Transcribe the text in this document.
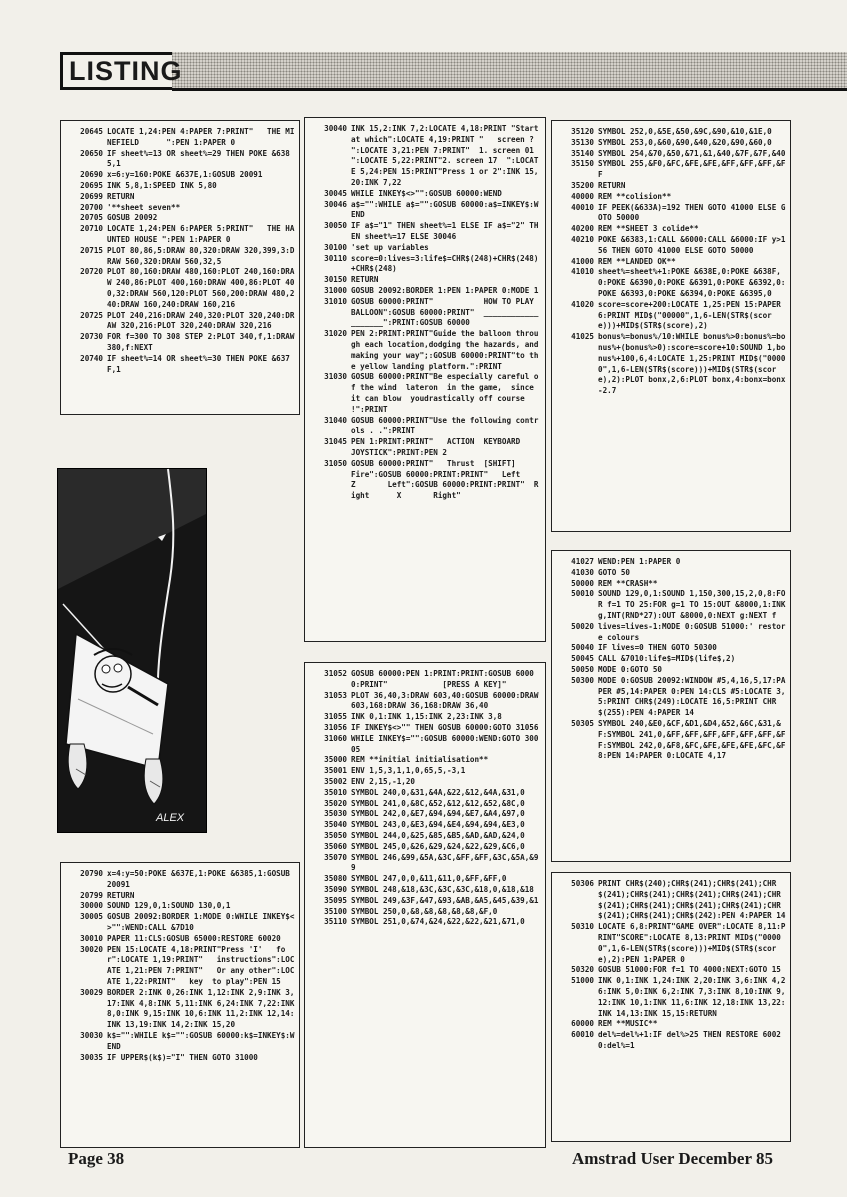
LISTING
20645 LOCATE 1,24:PEN 4:PAPER 7:PRINT"   THE MINEFIELD      ":PEN 1:PAPER 0
20650 IF sheet%=13 OR sheet%=29 THEN POKE &6385,1
20690 x=6:y=160:POKE &637E,1:GOSUB 20091
20695 INK 5,8,1:SPEED INK 5,80
20699 RETURN
20700 '**sheet seven**
20705 GOSUB 20092
20710 LOCATE 1,24:PEN 6:PAPER 5:PRINT"   THE HAUNTED HOUSE ":PEN 1:PAPER 0
20715 PLOT 80,86,5:DRAW 80,320:DRAW 320,399,3:DRAW 560,320:DRAW 560,32,5
20720 PLOT 80,160:DRAW 480,160:PLOT 240,160:DRAW 240,86:PLOT 400,160:DRAW 400,86:PLOT 400,32:DRAW 560,120:PLOT 560,200:DRAW 480,240:DRAW 160,240:DRAW 160,216
20725 PLOT 240,216:DRAW 240,320:PLOT 320,240:DRAW 320,216:PLOT 320,240:DRAW 320,216
20730 FOR f=300 TO 308 STEP 2:PLOT 340,f,1:DRAW 380,f:NEXT
20740 IF sheet%=14 OR sheet%=30 THEN POKE &637F,1
30040 INK 15,2:INK 7,2:LOCATE 4,18:PRINT "Start at which":LOCATE 4,19:PRINT "   screen ?   ":LOCATE 3,21:PEN 7:PRINT"  1. screen 01   ":LOCATE 5,22:PRINT"2. screen 17  ":LOCATE 5,24:PEN 15:PRINT"Press 1 or 2":INK 15,20:INK 7,22
30045 WHILE INKEY$<>"":GOSUB 60000:WEND
30046 a$="":WHILE a$="":GOSUB 60000:a$=INKEY$:WEND
30050 IF a$="1" THEN sheet%=1 ELSE IF a$="2" THEN sheet%=17 ELSE 30046
30100 'set up variables
30110 score=0:lives=3:life$=CHR$(248)+CHR$(248)+CHR$(248)
30150 RETURN
31000 GOSUB 20092:BORDER 1:PEN 1:PAPER 0:MODE 1
31010 GOSUB 60000:PRINT"           HOW TO PLAY BALLOON":GOSUB 60000:PRINT"  ___________________":PRINT:GOSUB 60000
31020 PEN 2:PRINT:PRINT"Guide the balloon through each location,dodging the hazards, and making your way";:GOSUB 60000:PRINT"to the yellow landing platform.":PRINT
31030 GOSUB 60000:PRINT"Be especially careful of the wind  lateron  in the game,  since it can blow  youdrastically off course !":PRINT
31040 GOSUB 60000:PRINT"Use the following controls . .":PRINT
31045 PEN 1:PRINT:PRINT"   ACTION  KEYBOARD     JOYSTICK":PRINT:PEN 2
31050 GOSUB 60000:PRINT"   Thrust  [SHIFT]       Fire":GOSUB 60000:PRINT:PRINT"   Left      Z       Left":GOSUB 60000:PRINT:PRINT"  Right      X       Right"
35120 SYMBOL 252,0,&5E,&50,&9C,&90,&10,&1E,0
35130 SYMBOL 253,0,&60,&90,&40,&20,&90,&60,0
35140 SYMBOL 254,&70,&50,&71,&1,&40,&7F,&7F,&40
35150 SYMBOL 255,&F0,&FC,&FE,&FE,&FF,&FF,&FF,&FF
35200 RETURN
40000 REM **colision**
40010 IF PEEK(&633A)=192 THEN GOTO 41000 ELSE GOTO 50000
40200 REM **SHEET 3 colide**
40210 POKE &6383,1:CALL &6000:CALL &6000:IF y>156 THEN GOTO 41000 ELSE GOTO 50000
41000 REM **LANDED OK**
41010 sheet%=sheet%+1:POKE &638E,0:POKE &638F,0:POKE &6390,0:POKE &6391,0:POKE &6392,0:POKE &6393,0:POKE &6394,0:POKE &6395,0
41020 score=score+200:LOCATE 1,25:PEN 15:PAPER 6:PRINT MID$("00000",1,6-LEN(STR$(score)))+MID$(STR$(score),2)
41025 bonus%=bonus%/10:WHILE bonus%>0:bonus%=bonus%+(bonus%>0):score=score+10:SOUND 1,bonus%+100,6,4:LOCATE 1,25:PRINT MID$("00000",1,6-LEN(STR$(score)))+MID$(STR$(score),2):PLOT bonx,2,6:PLOT bonx,4:bonx=bonx-2.7
41027 WEND:PEN 1:PAPER 0
41030 GOTO 50
50000 REM **CRASH**
50010 SOUND 129,0,1:SOUND 1,150,300,15,2,0,8:FOR f=1 TO 25:FOR g=1 TO 15:OUT &8000,1:INK g,INT(RND*27):OUT &8000,0:NEXT g:NEXT f
50020 lives=lives-1:MODE 0:GOSUB 51000:' restore colours
50040 IF lives=0 THEN GOTO 50300
50045 CALL &7010:life$=MID$(life$,2)
50050 MODE 0:GOTO 50
50300 MODE 0:GOSUB 20092:WINDOW #5,4,16,5,17:PAPER #5,14:PAPER 0:PEN 14:CLS #5:LOCATE 3,5:PRINT CHR$(249):LOCATE 16,5:PRINT CHR$(255):PEN 4:PAPER 14
50305 SYMBOL 240,&E0,&CF,&D1,&D4,&52,&6C,&31,&F:SYMBOL 241,0,&FF,&FF,&FF,&FF,&FF,&FF,&FF:SYMBOL 242,0,&F8,&FC,&FE,&FE,&FE,&FC,&F8:PEN 14:PAPER 0:LOCATE 4,17
31052 GOSUB 60000:PEN 1:PRINT:PRINT:GOSUB 60000:PRINT"            [PRESS A KEY]"
31053 PLOT 36,40,3:DRAW 603,40:GOSUB 60000:DRAW 603,168:DRAW 36,168:DRAW 36,40
31055 INK 0,1:INK 1,15:INK 2,23:INK 3,8
31056 IF INKEY$<>"" THEN GOSUB 60000:GOTO 31056
31060 WHILE INKEY$="":GOSUB 60000:WEND:GOTO 30005
35000 REM **initial initialisation**
35001 ENV 1,5,3,1,1,0,65,5,-3,1
35002 ENV 2,15,-1,20
35010 SYMBOL 240,0,&31,&4A,&22,&12,&4A,&31,0
35020 SYMBOL 241,0,&8C,&52,&12,&12,&52,&8C,0
35030 SYMBOL 242,0,&E7,&94,&94,&E7,&A4,&97,0
35040 SYMBOL 243,0,&E3,&94,&E4,&94,&94,&E3,0
35050 SYMBOL 244,0,&25,&85,&B5,&AD,&AD,&24,0
35060 SYMBOL 245,0,&26,&29,&24,&22,&29,&C6,0
35070 SYMBOL 246,&99,&5A,&3C,&FF,&FF,&3C,&5A,&99
35080 SYMBOL 247,0,0,&11,&11,0,&FF,&FF,0
35090 SYMBOL 248,&18,&3C,&3C,&3C,&18,0,&18,&18
35095 SYMBOL 249,&3F,&47,&93,&AB,&A5,&45,&39,&1
35100 SYMBOL 250,0,&8,&8,&8,&8,&8,&F,0
35110 SYMBOL 251,0,&74,&24,&22,&22,&21,&71,0
20790 x=4:y=50:POKE &637E,1:POKE &6385,1:GOSUB 20091
20799 RETURN
30000 SOUND 129,0,1:SOUND 130,0,1
30005 GOSUB 20092:BORDER 1:MODE 0:WHILE INKEY$<>"":WEND:CALL &7D10
30010 PAPER 11:CLS:GOSUB 65000:RESTORE 60020
30020 PEN 15:LOCATE 4,18:PRINT"Press 'I'   for":LOCATE 1,19:PRINT"   instructions":LOCATE 1,21:PEN 7:PRINT"   Or any other":LOCATE 1,22:PRINT"   key  to play":PEN 15
30029 BORDER 2:INK 0,26:INK 1,12:INK 2,9:INK 3,17:INK 4,8:INK 5,11:INK 6,24:INK 7,22:INK 8,0:INK 9,15:INK 10,6:INK 11,2:INK 12,14:INK 13,19:INK 14,2:INK 15,20
30030 k$="":WHILE k$="":GOSUB 60000:k$=INKEY$:WEND
30035 IF UPPER$(k$)="I" THEN GOTO 31000
50306 PRINT CHR$(240);CHR$(241);CHR$(241);CHR$(241);CHR$(241);CHR$(241);CHR$(241);CHR$(241);CHR$(241);CHR$(241);CHR$(241);CHR$(241);CHR$(241);CHR$(242):PEN 4:PAPER 14
50310 LOCATE 6,8:PRINT"GAME OVER":LOCATE 8,11:PRINT"SCORE":LOCATE 8,13:PRINT MID$("00000",1,6-LEN(STR$(score)))+MID$(STR$(score),2):PEN 1:PAPER 0
50320 GOSUB 51000:FOR f=1 TO 4000:NEXT:GOTO 15
51000 INK 0,1:INK 1,24:INK 2,20:INK 3,6:INK 4,26:INK 5,0:INK 6,2:INK 7,3:INK 8,10:INK 9,12:INK 10,1:INK 11,6:INK 12,18:INK 13,22:INK 14,13:INK 15,15:RETURN
60000 REM **MUSIC**
60010 del%=del%+1:IF del%>25 THEN RESTORE 60020:del%=1
ALEX
Page 38	Amstrad User December 85
